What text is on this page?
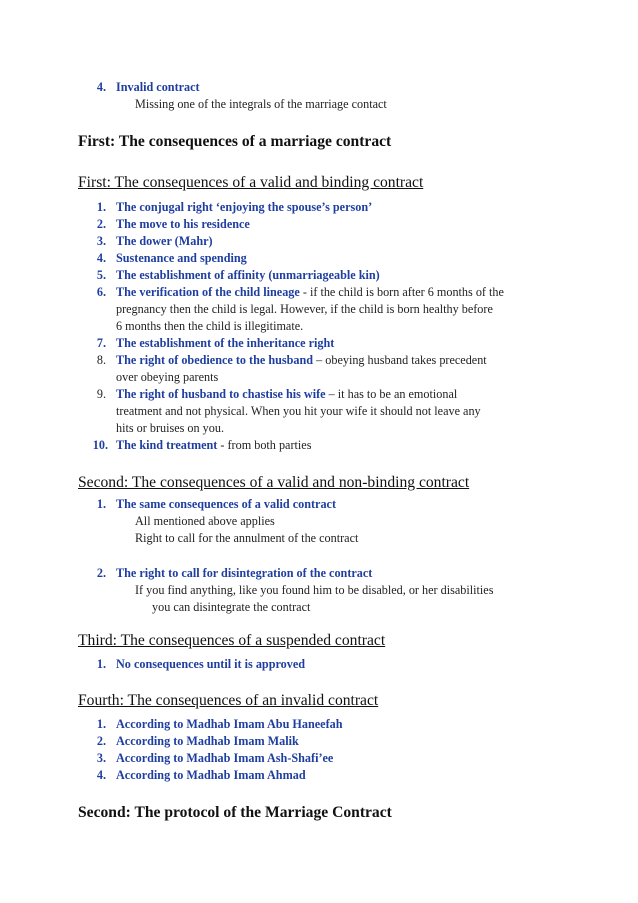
4. Invalid contract
Missing one of the integrals of the marriage contact
First: The consequences of a marriage contract
First: The consequences of a valid and binding contract
1. The conjugal right ‘enjoying the spouse’s person’
2. The move to his residence
3. The dower (Mahr)
4. Sustenance and spending
5. The establishment of affinity (unmarriageable kin)
6. The verification of the child lineage - if the child is born after 6 months of the
pregnancy then the child is legal. However, if the child is born healthy before
6 months then the child is illegitimate.
7. The establishment of the inheritance right
8. The right of obedience to the husband – obeying husband takes precedent
over obeying parents
9. The right of husband to chastise his wife – it has to be an emotional
treatment and not physical. When you hit your wife it should not leave any
hits or bruises on you.
10. The kind treatment - from both parties
Second: The consequences of a valid and non-binding contract
1. The same consequences of a valid contract
All mentioned above applies
Right to call for the annulment of the contract
2. The right to call for disintegration of the contract
If you find anything, like you found him to be disabled, or her disabilities
you can disintegrate the contract
Third: The consequences of a suspended contract
1. No consequences until it is approved
Fourth: The consequences of an invalid contract
1. According to Madhab Imam Abu Haneefah
2. According to Madhab Imam Malik
3. According to Madhab Imam Ash-Shafi’ee
4. According to Madhab Imam Ahmad
Second: The protocol of the Marriage Contract
